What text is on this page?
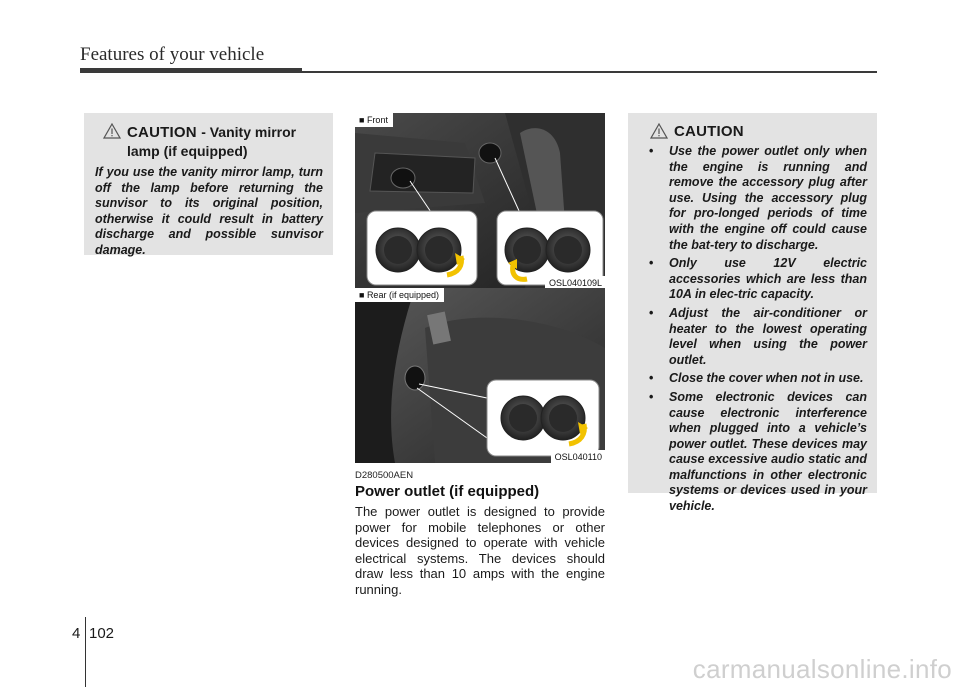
Features of your vehicle
CAUTION - Vanity mirror lamp (if equipped)
If you use the vanity mirror lamp, turn off the lamp before returning the sunvisor to its original position, otherwise it could result in battery discharge and possible sunvisor damage.
■ Front
OSL040109L
■ Rear (if equipped)
OSL040110
D280500AEN
Power outlet (if equipped)
The power outlet is designed to provide power for mobile telephones or other devices designed to operate with vehicle electrical systems. The devices should draw less than 10 amps with the engine running.
CAUTION
• Use the power outlet only when the engine is running and remove the accessory plug after use. Using the accessory plug for pro-longed periods of time with the engine off could cause the bat-tery to discharge.
• Only use 12V electric accessories which are less than 10A in elec-tric capacity.
• Adjust the air-conditioner or heater to the lowest operating level when using the power outlet.
• Close the cover when not in use.
• Some electronic devices can cause electronic interference when plugged into a vehicle’s power outlet. These devices may cause excessive audio static and malfunctions in other electronic systems or devices used in your vehicle.
4 102
carmanualsonline.info
